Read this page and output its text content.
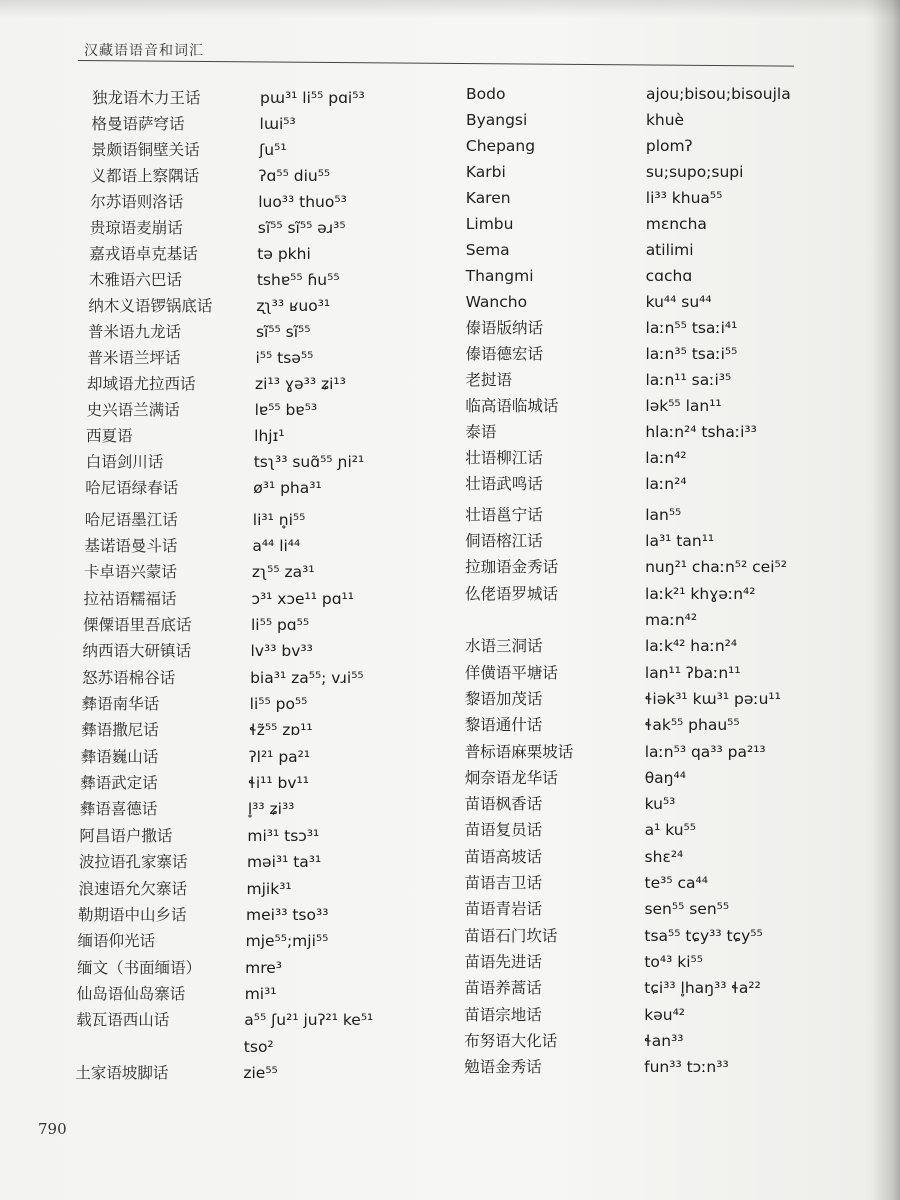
汉藏语语音和词汇
独龙语木力王话	pɯ³¹ li⁵⁵ pɑi⁵³
格曼语萨穹话	lɯi⁵³
景颇语铜壁关话	ʃu⁵¹
义都语上察隅话	ʔɑ⁵⁵ diu⁵⁵
尔苏语则洛话	luo³³ thuo⁵³
贵琼语麦崩话	sĩ⁵⁵ sĩ⁵⁵ əɹ³⁵
嘉戎语卓克基话	tə pkhi
木雅语六巴话	tshɐ⁵⁵ ɦu⁵⁵
纳木义语锣锅底话	ʐʅ³³ ʁuo³¹
普米语九龙话	sĩ⁵⁵ sĩ⁵⁵
普米语兰坪话	i⁵⁵ tsə⁵⁵
却域语尤拉西话	zi¹³ ɣə³³ ʑi¹³
史兴语兰满话	lɐ⁵⁵ bɐ⁵³
西夏语	lhjɪ¹
白语剑川话	tsʅ³³ suɑ̃⁵⁵ ɲi²¹
哈尼语绿春话	ø³¹ pha³¹
哈尼语墨江话	li³¹ n̥i⁵⁵
基诺语曼斗话	a⁴⁴ li⁴⁴
卡卓语兴蒙话	zʅ⁵⁵ za³¹
拉祜语糯福话	ɔ³¹ xɔe¹¹ pɑ¹¹
傈僳语里吾底话	li⁵⁵ pɑ⁵⁵
纳西语大研镇话	lv³³ bv³³
怒苏语棉谷话	bia³¹ za⁵⁵; vɹi⁵⁵
彝语南华话	li⁵⁵ po⁵⁵
彝语撒尼话	ɬz̃⁵⁵ zɒ¹¹
彝语巍山话	ʔl²¹ pa²¹
彝语武定话	ɬi¹¹ bv¹¹
彝语喜德话	l̥³³ ʑi³³
阿昌语户撒话	mi³¹ tsɔ³¹
波拉语孔家寨话	məi³¹ ta³¹
浪速语允欠寨话	mjik³¹
勒期语中山乡话	mei³³ tso³³
缅语仰光话	mje⁵⁵;mji⁵⁵
缅文（书面缅语）	mre³
仙岛语仙岛寨话	mi³¹
载瓦语西山话	a⁵⁵ ʃu²¹ juʔ²¹ ke⁵¹
tso²
土家语坡脚话	zie⁵⁵
Bodo	ajou;bisou;bisoujla
Byangsi	khuè
Chepang	plomʔ
Karbi	su;supo;supi
Karen	li³³ khua⁵⁵
Limbu	mɛncha
Sema	atilimi
Thangmi	cɑchɑ
Wancho	ku⁴⁴ su⁴⁴
傣语版纳话	laːn⁵⁵ tsaːi⁴¹
傣语德宏话	laːn³⁵ tsaːi⁵⁵
老挝语	laːn¹¹ saːi³⁵
临高语临城话	lək⁵⁵ lan¹¹
泰语	hlaːn²⁴ tshaːi³³
壮语柳江话	laːn⁴²
壮语武鸣话	laːn²⁴
壮语邕宁话	lan⁵⁵
侗语榕江话	la³¹ tan¹¹
拉珈语金秀话	nuŋ²¹ chaːn⁵² cei⁵²
仫佬语罗城话	laːk²¹ khɣəːn⁴²
maːn⁴²
水语三洞话	laːk⁴² haːn²⁴
佯僙语平塘话	lan¹¹ ʔbaːn¹¹
黎语加茂话	ɬiək³¹ kɯ³¹ pəːu¹¹
黎语通什话	ɬak⁵⁵ phau⁵⁵
普标语麻栗坡话	laːn⁵³ qa³³ pa²¹³
炯奈语龙华话	θaŋ⁴⁴
苗语枫香话	ku⁵³
苗语复员话	a¹ ku⁵⁵
苗语高坡话	shɛ²⁴
苗语吉卫话	te³⁵ ca⁴⁴
苗语青岩话	sen⁵⁵ sen⁵⁵
苗语石门坎话	tsa⁵⁵ tɕy³³ tɕy⁵⁵
苗语先进话	to⁴³ ki⁵⁵
苗语养蒿话	tɕi³³ l̥haŋ³³ ɬa²²
苗语宗地话	kəu⁴²
布努语大化话	ɬan³³
勉语金秀话	fun³³ tɔːn³³
790
